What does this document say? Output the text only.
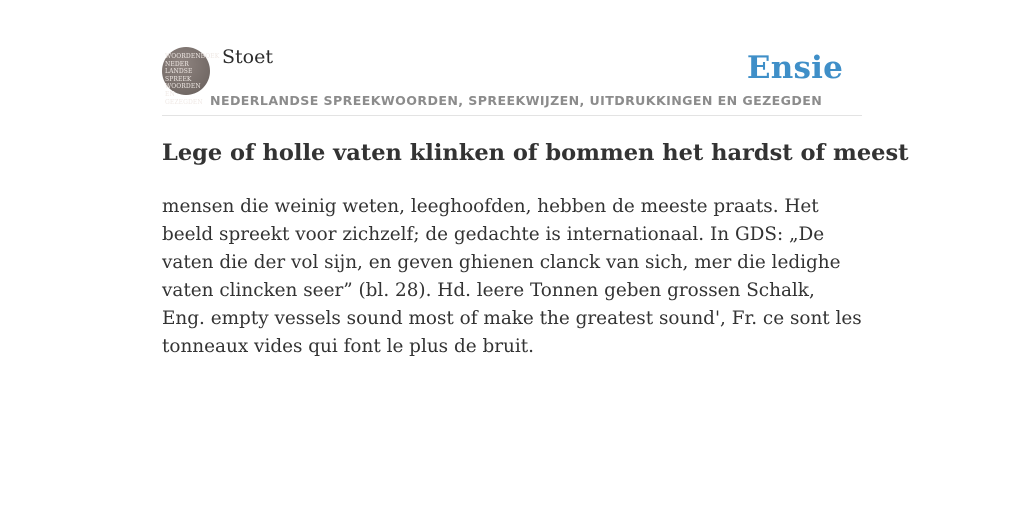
WOORDENBOEK
NEDER
LANDSE
SPREEK
WOORDEN EN
GEZEGDEN
Stoet	Ensie
NEDERLANDSE SPREEKWOORDEN, SPREEKWIJZEN, UITDRUKKINGEN EN GEZEGDEN
Lege of holle vaten klinken of bommen het hardst of meest

mensen die weinig weten, leeghoofden, hebben de meeste praats. Het beeld spreekt voor zichzelf; de gedachte is internationaal. In GDS: „De vaten die der vol sijn, en geven ghienen clanck van sich, mer die ledighe vaten clincken seer” (bl. 28). Hd. leere Tonnen geben grossen Schalk, Eng. empty vessels sound most of make the greatest sound', Fr. ce sont les tonneaux vides qui font le plus de bruit.
